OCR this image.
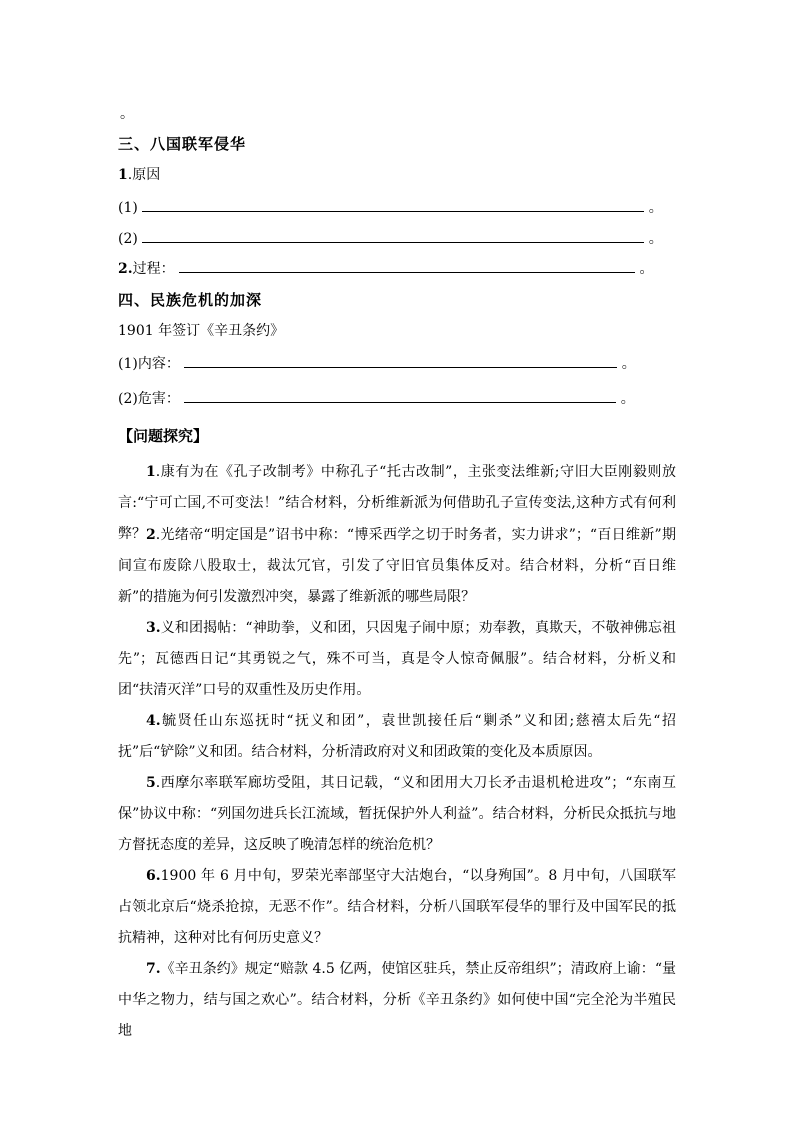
。
三、八国联军侵华
1.原因
(1)	。
(2)	。
2.过程：	。
四、民族危机的加深
1901 年签订《辛丑条约》
(1)内容：	。
(2)危害：	。
【问题探究】
1.康有为在《孔子改制考》中称孔子“托古改制”，主张变法维新;守旧大臣刚毅则放言:“宁可亡国,不可变法！”结合材料，分析维新派为何借助孔子宣传变法,这种方式有何利弊？ 2.光绪帝“明定国是”诏书中称：“博采西学之切于时务者，实力讲求”；“百日维新”期间宣布废除八股取士，裁汰冗官，引发了守旧官员集体反对。结合材料，分析“百日维新”的措施为何引发激烈冲突，暴露了维新派的哪些局限？
3.义和团揭帖：“神助拳，义和团，只因鬼子闹中原；劝奉教，真欺天，不敬神佛忘祖先”；瓦德西日记“其勇锐之气，殊不可当，真是令人惊奇佩服”。结合材料，分析义和团“扶清灭洋”口号的双重性及历史作用。
4.毓贤任山东巡抚时“抚义和团”，袁世凯接任后“剿杀”义和团;慈禧太后先“招抚”后“铲除”义和团。结合材料，分析清政府对义和团政策的变化及本质原因。
5.西摩尔率联军廊坊受阻，其日记载，“义和团用大刀长矛击退机枪进攻”；“东南互保”协议中称：“列国勿进兵长江流域，暂抚保护外人利益”。结合材料，分析民众抵抗与地方督抚态度的差异，这反映了晚清怎样的统治危机？
6.1900 年 6 月中旬，罗荣光率部坚守大沽炮台，“以身殉国”。8 月中旬，八国联军占领北京后“烧杀抢掠，无恶不作”。结合材料，分析八国联军侵华的罪行及中国军民的抵抗精神，这种对比有何历史意义？
7.《辛丑条约》规定“赔款 4.5 亿两，使馆区驻兵，禁止反帝组织”；清政府上谕：“量中华之物力，结与国之欢心”。结合材料，分析《辛丑条约》如何使中国“完全沦为半殖民地
